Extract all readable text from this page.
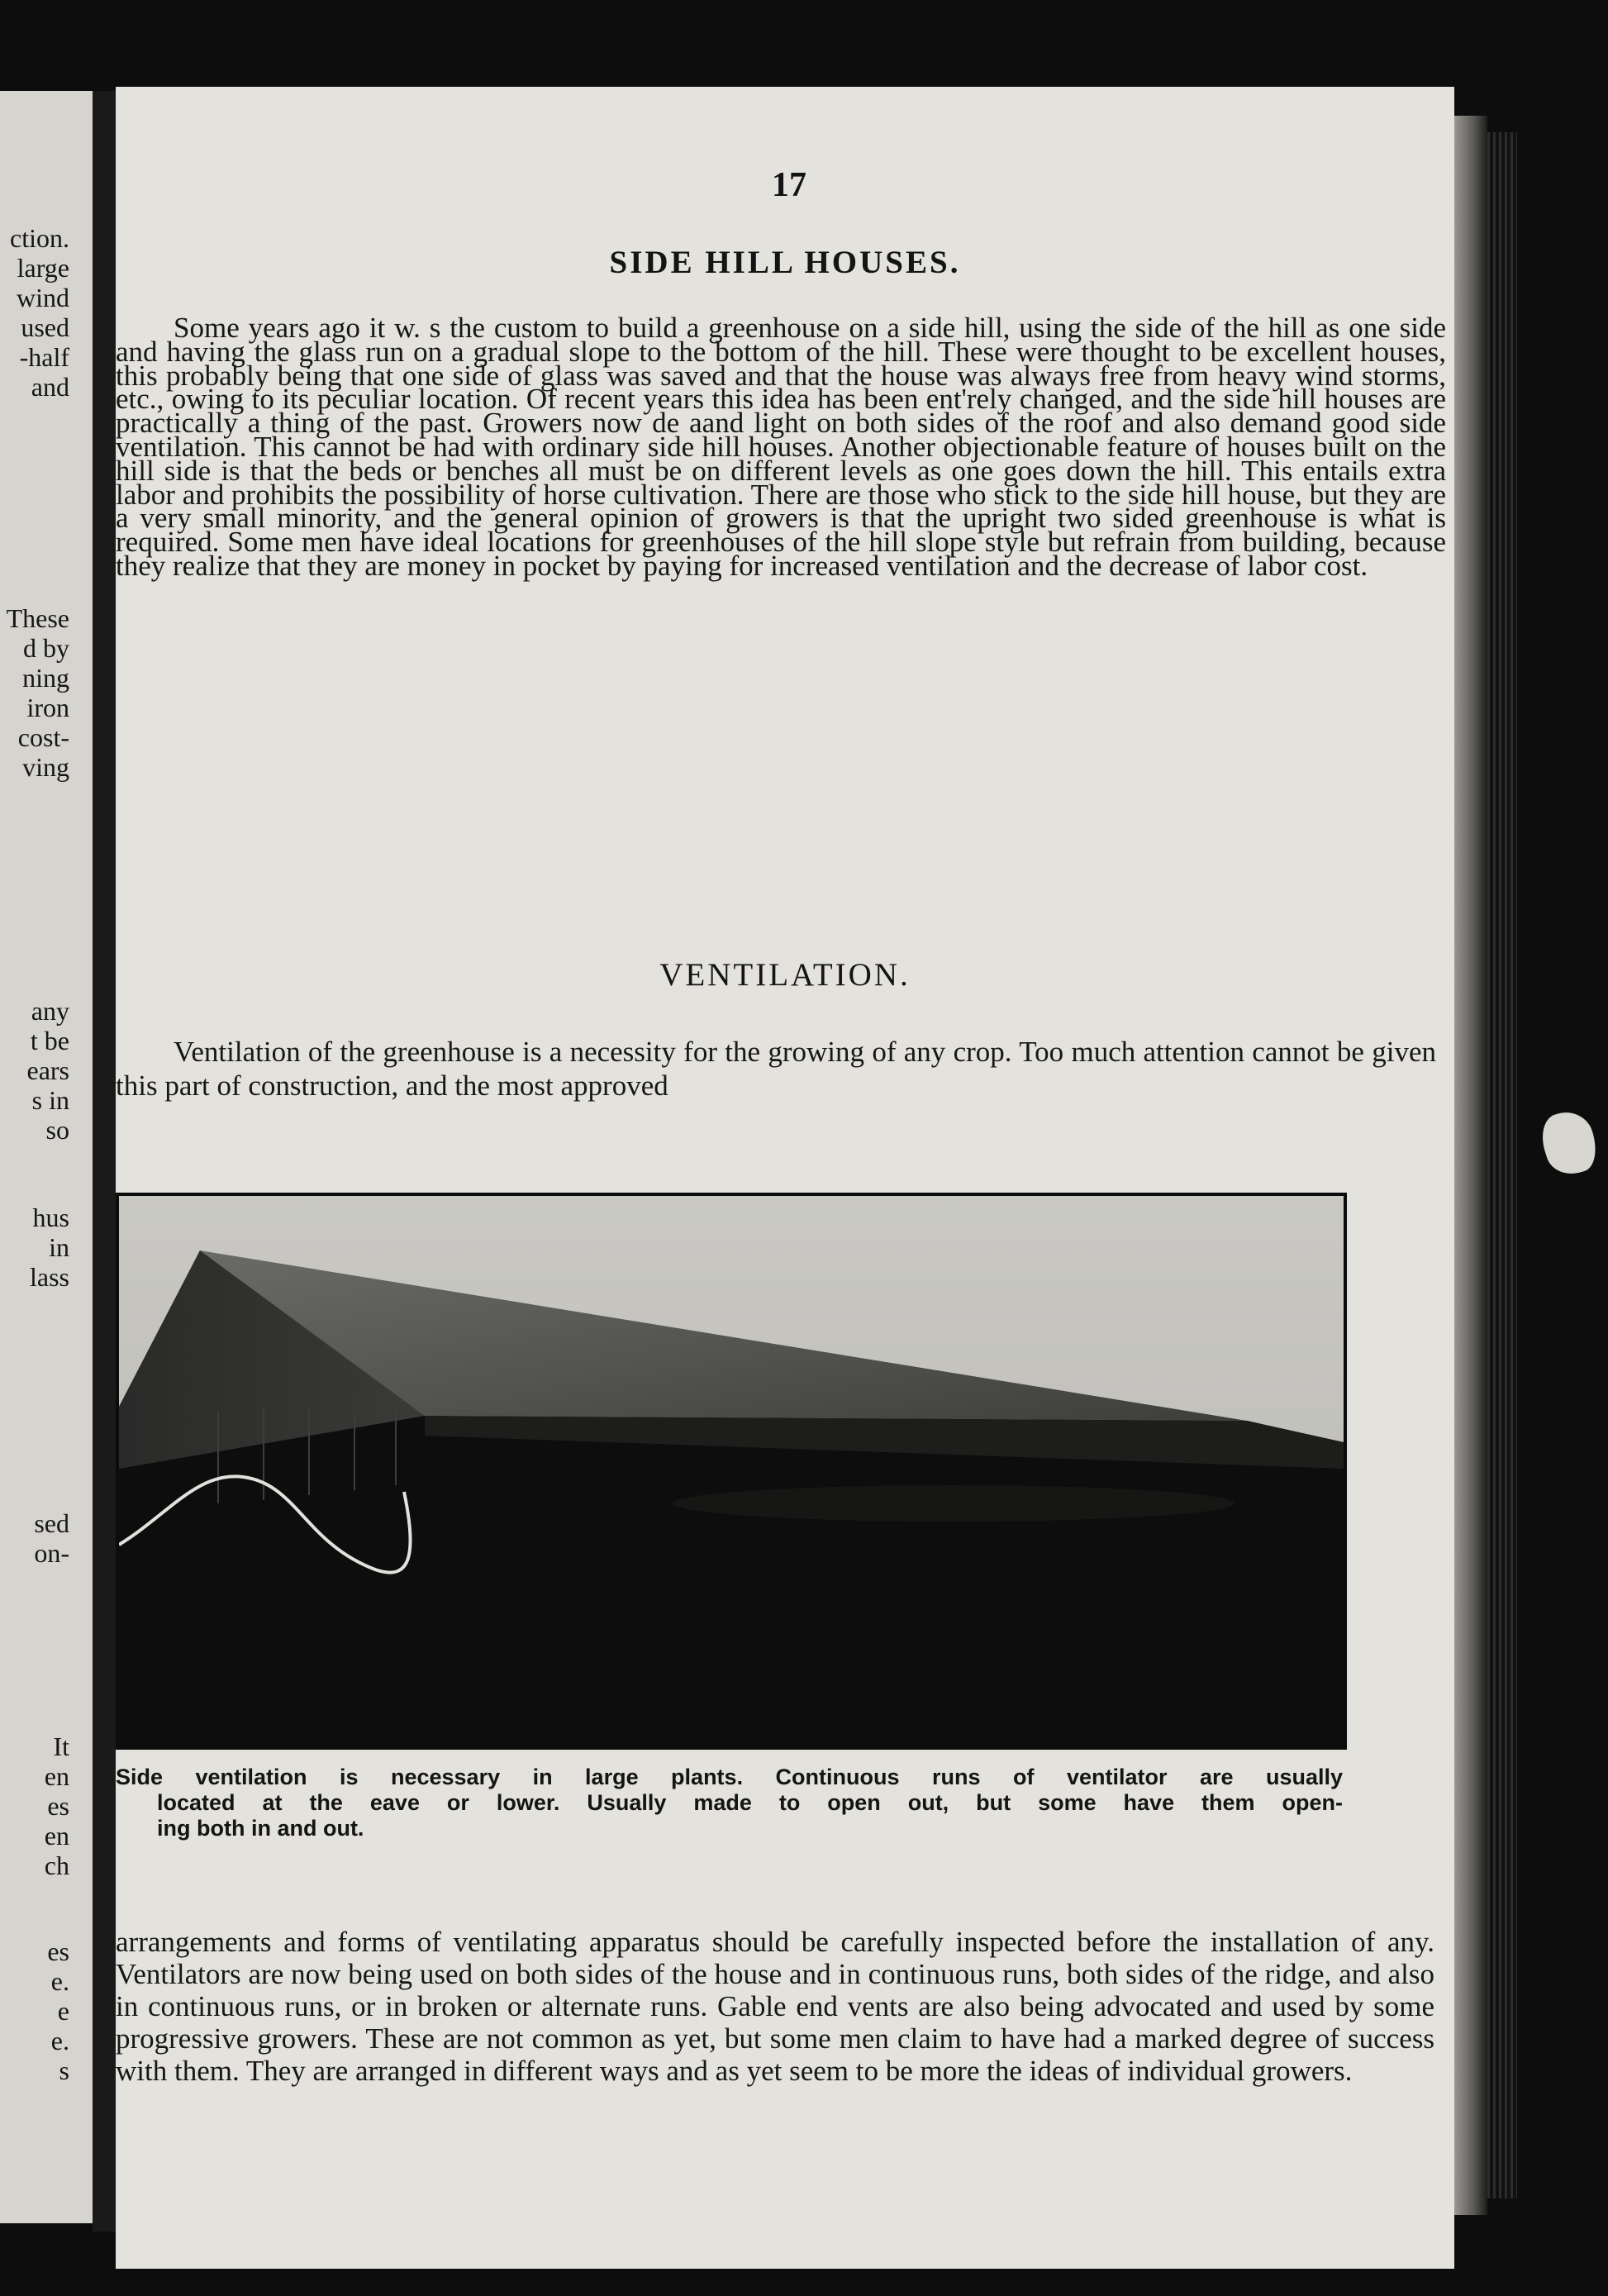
ction.
large
wind
used
-half
and
These
d by
ning
iron
cost-
ving
any
t be
ears
s in
so
hus
in
lass
sed
on-
It
en
es
en
ch
es
e.
e
e.
s
17
SIDE HILL HOUSES.

Some years ago it w. s the custom to build a greenhouse on a side hill, using the side of the hill as one side and having the glass run on a gradual slope to the bottom of the hill. These were thought to be excellent houses, this probably being that one side of glass was saved and that the house was always free from heavy wind storms, etc., owing to its peculiar location. Of recent years this idea has been ent'rely changed, and the side hill houses are practically a thing of the past. Growers now de aand light on both sides of the roof and also demand good side ventilation. This cannot be had with ordinary side hill houses. Another objectionable feature of houses built on the hill side is that the beds or benches all must be on different levels as one goes down the hill. This entails extra labor and prohibits the possibility of horse cultivation. There are those who stick to the side hill house, but they are a very small minority, and the general opinion of growers is that the upright two sided greenhouse is what is required. Some men have ideal locations for greenhouses of the hill slope style but refrain from building, because they realize that they are money in pocket by paying for increased ventilation and the decrease of labor cost.

VENTILATION.

Ventilation of the greenhouse is a necessity for the growing of any crop. Too much attention cannot be given this part of construction, and the most approved

Side ventilation is necessary in large plants. Continuous runs of ventilator are usually
located at the eave or lower. Usually made to open out, but some have them open-
ing both in and out.

arrangements and forms of ventilating apparatus should be carefully inspected before the installation of any. Ventilators are now being used on both sides of the house and in continuous runs, both sides of the ridge, and also in continuous runs, or in broken or alternate runs. Gable end vents are also being advocated and used by some progressive growers. These are not common as yet, but some men claim to have had a marked degree of success with them. They are arranged in different ways and as yet seem to be more the ideas of individual growers.
